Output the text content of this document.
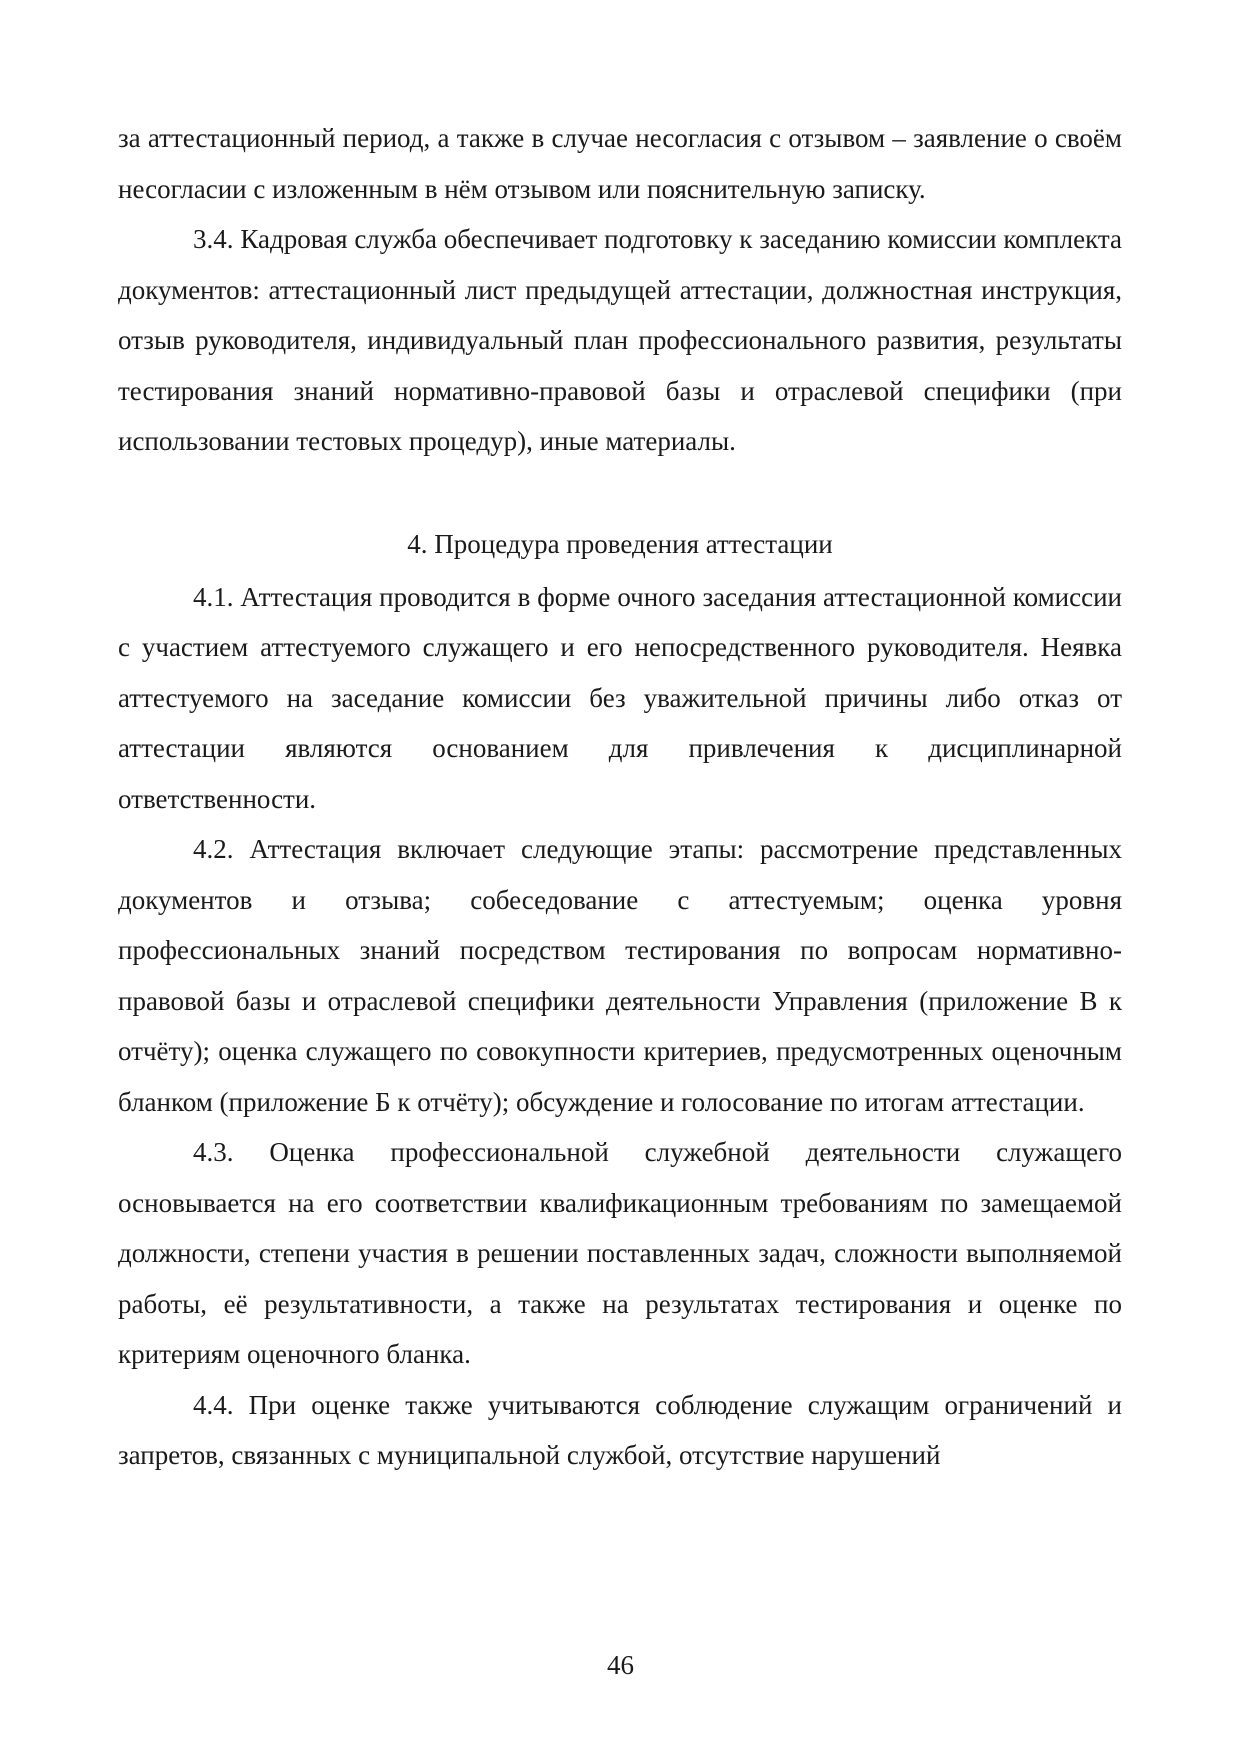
за аттестационный период, а также в случае несогласия с отзывом – заявление о своём несогласии с изложенным в нём отзывом или пояснительную записку.

3.4. Кадровая служба обеспечивает подготовку к заседанию комиссии комплекта документов: аттестационный лист предыдущей аттестации, должностная инструкция, отзыв руководителя, индивидуальный план профессионального развития, результаты тестирования знаний нормативно-правовой базы и отраслевой специфики (при использовании тестовых процедур), иные материалы.

4. Процедура проведения аттестации

4.1. Аттестация проводится в форме очного заседания аттестационной комиссии с участием аттестуемого служащего и его непосредственного руководителя. Неявка аттестуемого на заседание комиссии без уважительной причины либо отказ от аттестации являются основанием для привлечения к дисциплинарной ответственности.

4.2. Аттестация включает следующие этапы: рассмотрение представленных документов и отзыва; собеседование с аттестуемым; оценка уровня профессиональных знаний посредством тестирования по вопросам нормативно-правовой базы и отраслевой специфики деятельности Управления (приложение В к отчёту); оценка служащего по совокупности критериев, предусмотренных оценочным бланком (приложение Б к отчёту); обсуждение и голосование по итогам аттестации.

4.3. Оценка профессиональной служебной деятельности служащего основывается на его соответствии квалификационным требованиям по замещаемой должности, степени участия в решении поставленных задач, сложности выполняемой работы, её результативности, а также на результатах тестирования и оценке по критериям оценочного бланка.

4.4. При оценке также учитываются соблюдение служащим ограничений и запретов, связанных с муниципальной службой, отсутствие нарушений

46
